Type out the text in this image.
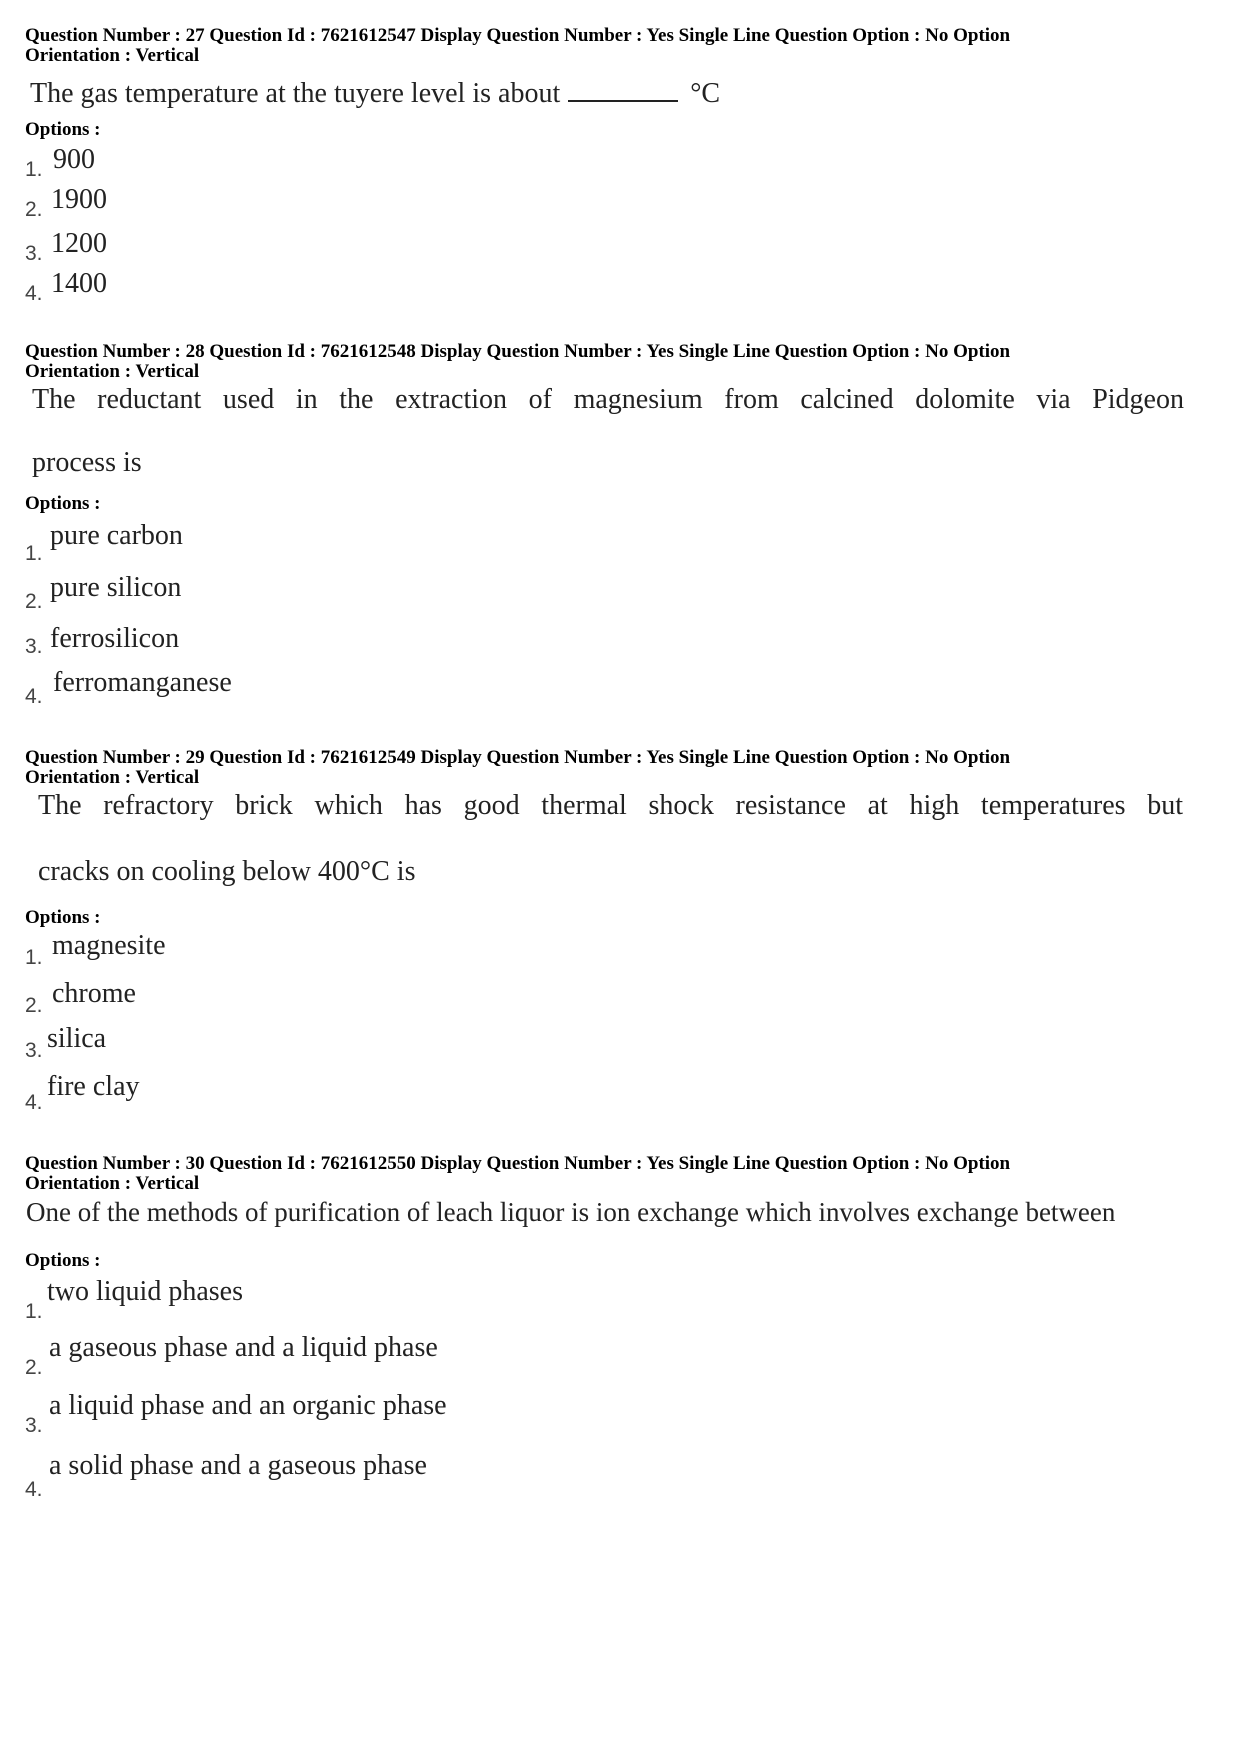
Question Number : 27 Question Id : 7621612547 Display Question Number : Yes Single Line Question Option : No Option
Orientation : Vertical
The gas temperature at the tuyere level is about	°C
Options :
1. 900
2. 1900
3. 1200
4. 1400
Question Number : 28 Question Id : 7621612548 Display Question Number : Yes Single Line Question Option : No Option
Orientation : Vertical
The reductant used in the extraction of magnesium from calcined dolomite via Pidgeon
process is
Options :
1.
pure carbon
2. pure silicon
3. ferrosilicon
4. ferromanganese
Question Number : 29 Question Id : 7621612549 Display Question Number : Yes Single Line Question Option : No Option
Orientation : Vertical
The refractory brick which has good thermal shock resistance at high temperatures but
cracks on cooling below 400°C is
Options :
1. magnesite
2. chrome
3. silica
4.
fire clay
Question Number : 30 Question Id : 7621612550 Display Question Number : Yes Single Line Question Option : No Option
Orientation : Vertical
One of the methods of purification of leach liquor is ion exchange which involves exchange between
Options :
1.
two liquid phases
2.
a gaseous phase and a liquid phase
3.
a liquid phase and an organic phase
4.
a solid phase and a gaseous phase
